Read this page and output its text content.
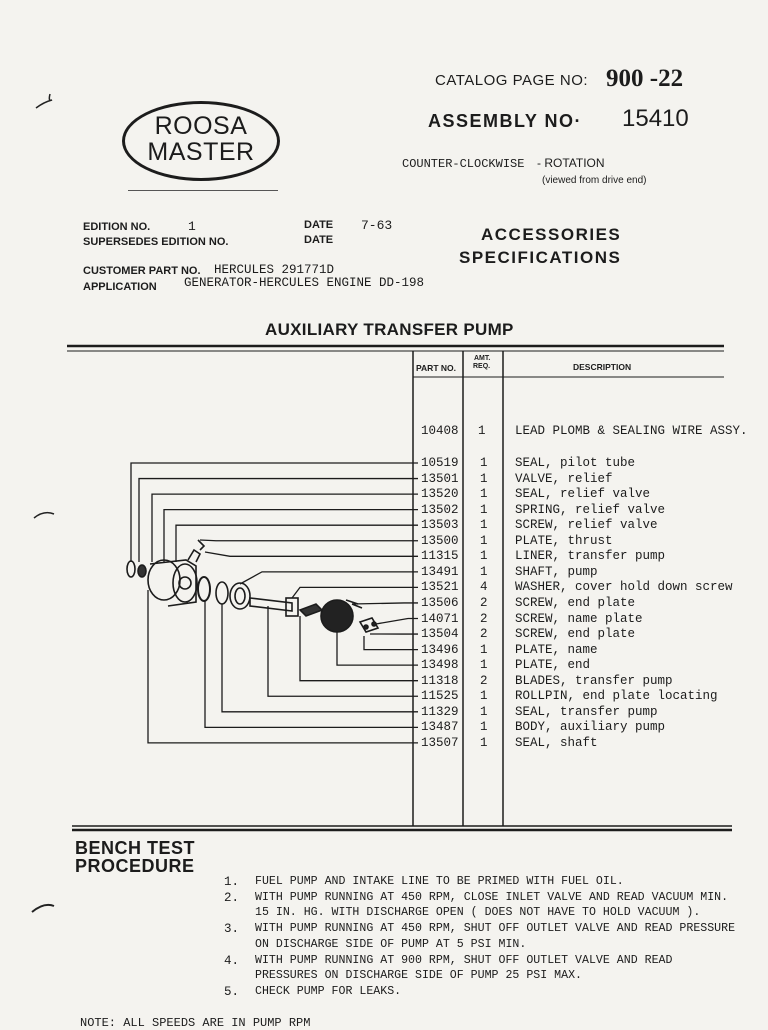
ROOSA
MASTER
CATALOG PAGE NO: 900 -22
ASSEMBLY NO· 15410
COUNTER-CLOCKWISE - ROTATION
(viewed from drive end)
EDITION NO.	1
SUPERSEDES EDITION NO.
DATE 7-63
DATE
CUSTOMER PART NO. HERCULES 291771D
APPLICATION GENERATOR-HERCULES ENGINE DD-198
ACCESSORIES
SPECIFICATIONS
AUXILIARY TRANSFER PUMP
PART NO.
AMT.
REQ.	DESCRIPTION
10408 1 LEAD PLOMB & SEALING WIRE ASSY.
10519 1 SEAL, pilot tube
13501 1 VALVE, relief
13520 1 SEAL, relief valve
13502 1 SPRING, relief valve
13503 1 SCREW, relief valve
13500 1 PLATE, thrust
11315 1 LINER, transfer pump
13491 1 SHAFT, pump
13521 4 WASHER, cover hold down screw
13506 2 SCREW, end plate
14071 2 SCREW, name plate
13504 2 SCREW, end plate
13496 1 PLATE, name
13498 1 PLATE, end
11318 2 BLADES, transfer pump
11525 1 ROLLPIN, end plate locating
11329 1 SEAL, transfer pump
13487 1 BODY, auxiliary pump
13507 1 SEAL, shaft
BENCH TEST
PROCEDURE
1. FUEL PUMP AND INTAKE LINE TO BE PRIMED WITH FUEL OIL.
2. WITH PUMP RUNNING AT 450 RPM, CLOSE INLET VALVE AND READ VACUUM MIN.
15 IN. HG. WITH DISCHARGE OPEN ( DOES NOT HAVE TO HOLD VACUUM ).
3. WITH PUMP RUNNING AT 450 RPM, SHUT OFF OUTLET VALVE AND READ PRESSURE
ON DISCHARGE SIDE OF PUMP AT 5 PSI MIN.
4. WITH PUMP RUNNING AT 900 RPM, SHUT OFF OUTLET VALVE AND READ
PRESSURES ON DISCHARGE SIDE OF PUMP 25 PSI MAX.
5. CHECK PUMP FOR LEAKS.
NOTE: ALL SPEEDS ARE IN PUMP RPM
